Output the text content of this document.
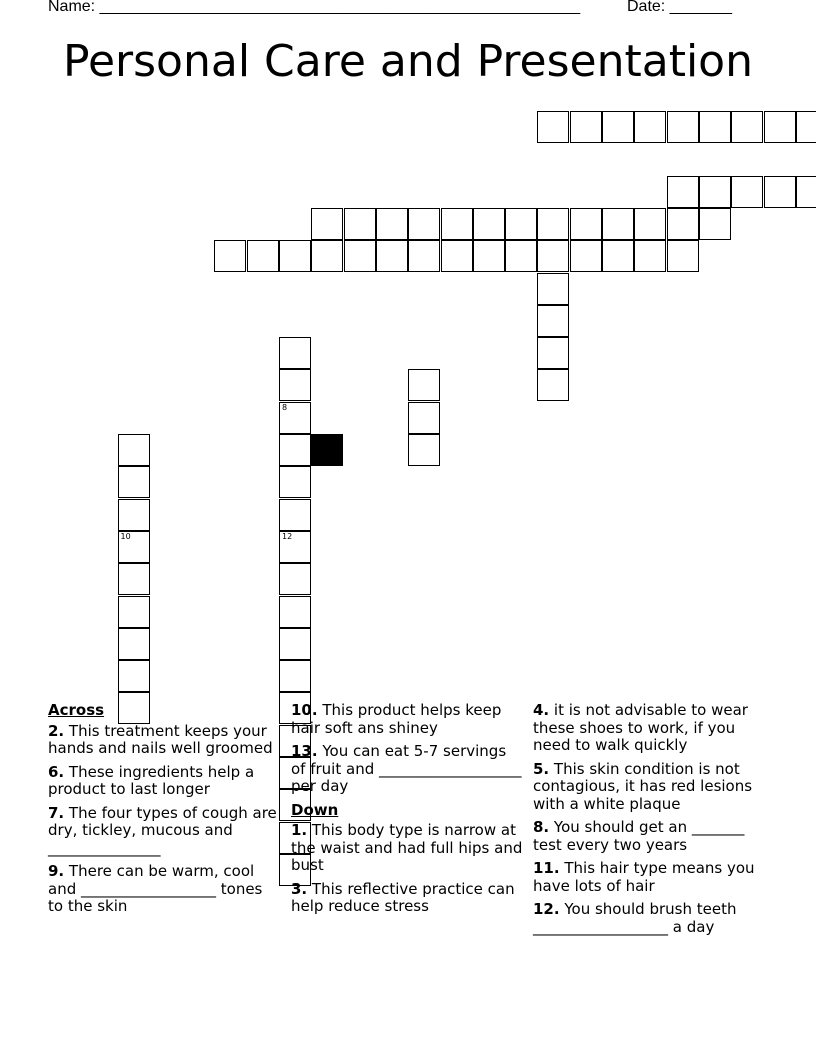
Name: ______________________________________________________	Date: _______
Personal Care and Presentation
10
8
12
Across
2. This treatment keeps your hands and nails well groomed
6. These ingredients help a product to last longer
7. The four types of cough are dry, tickley, mucous and _______________
9. There can be warm, cool and __________________ tones to the skin
10. This product helps keep hair soft ans shiney
13. You can eat 5-7 servings of fruit and ___________________ per day
Down
1. This body type is narrow at the waist and had full hips and bust
3. This reflective practice can help reduce stress
4. it is not advisable to wear these shoes to work, if you need to walk quickly
5. This skin condition is not contagious, it has red lesions with a white plaque
8. You should get an _______ test every two years
11. This hair type means you have lots of hair
12. You should brush teeth __________________ a day
